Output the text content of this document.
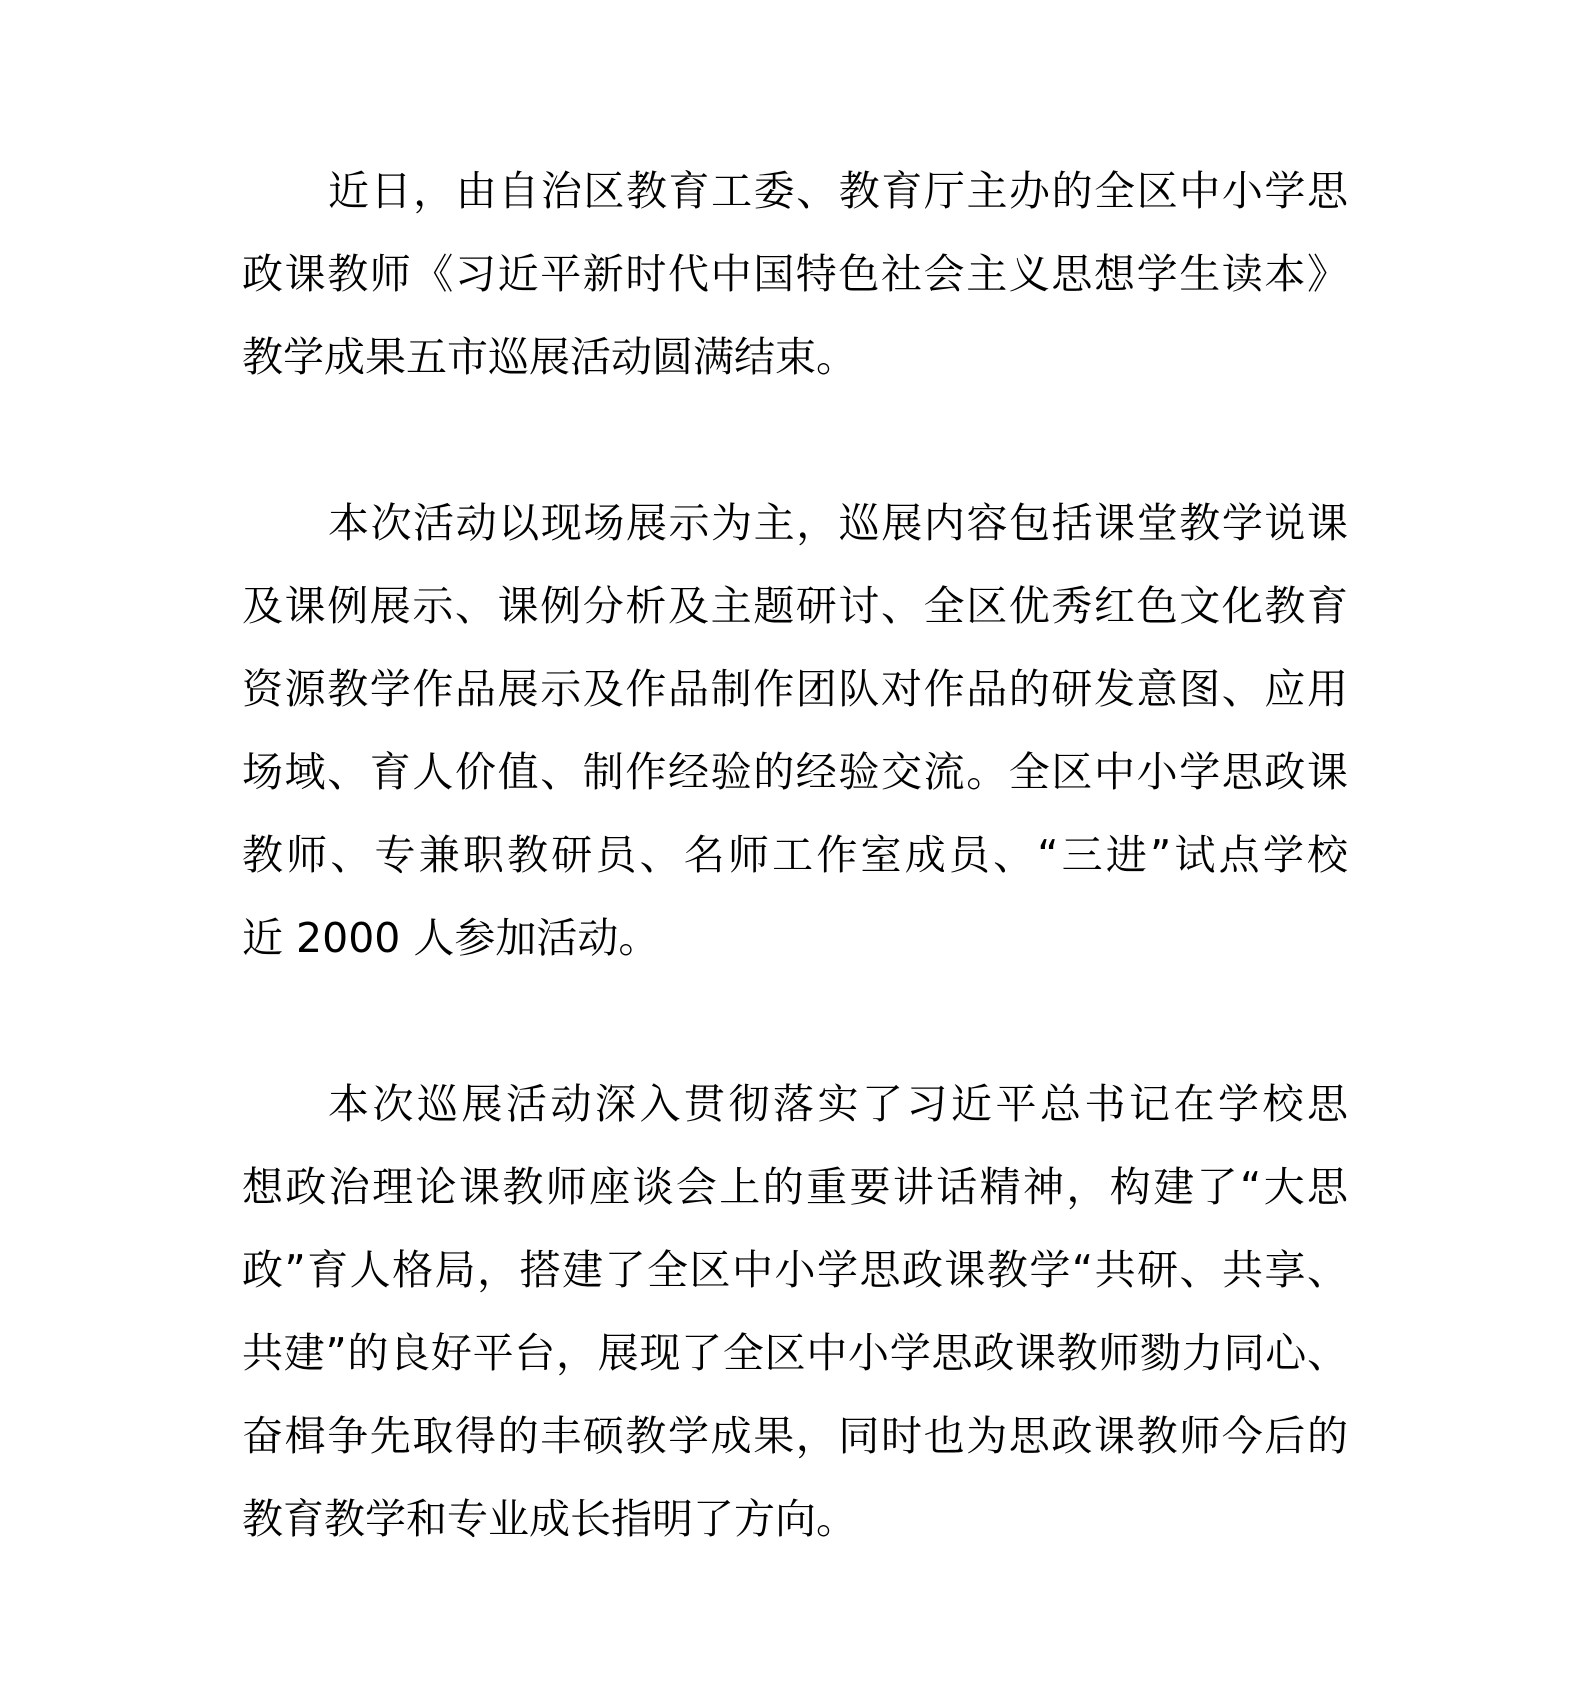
近日，由自治区教育工委、教育厅主办的全区中小学思
政课教师《习近平新时代中国特色社会主义思想学生读本》
教学成果五市巡展活动圆满结束。

本次活动以现场展示为主，巡展内容包括课堂教学说课
及课例展示、课例分析及主题研讨、全区优秀红色文化教育
资源教学作品展示及作品制作团队对作品的研发意图、应用
场域、育人价值、制作经验的经验交流。全区中小学思政课
教师、专兼职教研员、名师工作室成员、“三进”试点学校
近 2000 人参加活动。

本次巡展活动深入贯彻落实了习近平总书记在学校思
想政治理论课教师座谈会上的重要讲话精神，构建了“大思
政”育人格局，搭建了全区中小学思政课教学“共研、共享、
共建”的良好平台，展现了全区中小学思政课教师勠力同心、
奋楫争先取得的丰硕教学成果，同时也为思政课教师今后的
教育教学和专业成长指明了方向。
